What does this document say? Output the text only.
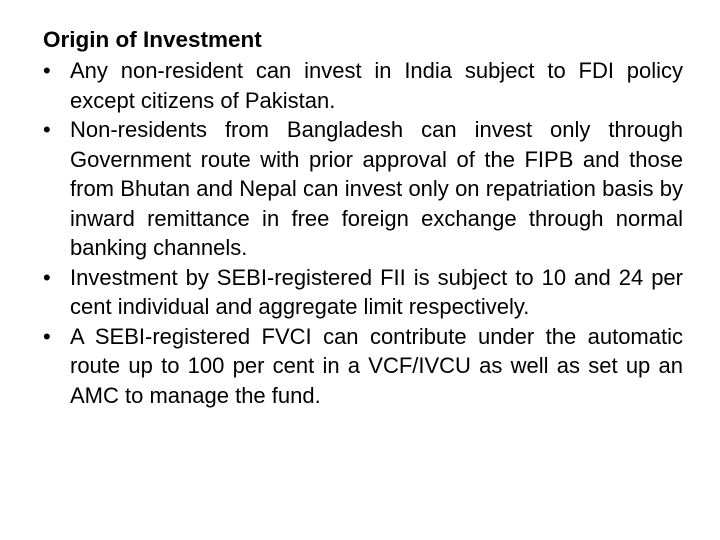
Origin of Investment
• Any non-resident can invest in India subject to FDI policy except citizens of Pakistan.
• Non-residents from Bangladesh can invest only through Government route with prior approval of the FIPB and those from Bhutan and Nepal can invest only on repatriation basis by inward remittance in free foreign exchange through normal banking channels.
• Investment by SEBI-registered FII is subject to 10 and 24 per cent individual and aggregate limit respectively.
• A SEBI-registered FVCI can contribute under the automatic route up to 100 per cent in a VCF/IVCU as well as set up an AMC to manage the fund.
